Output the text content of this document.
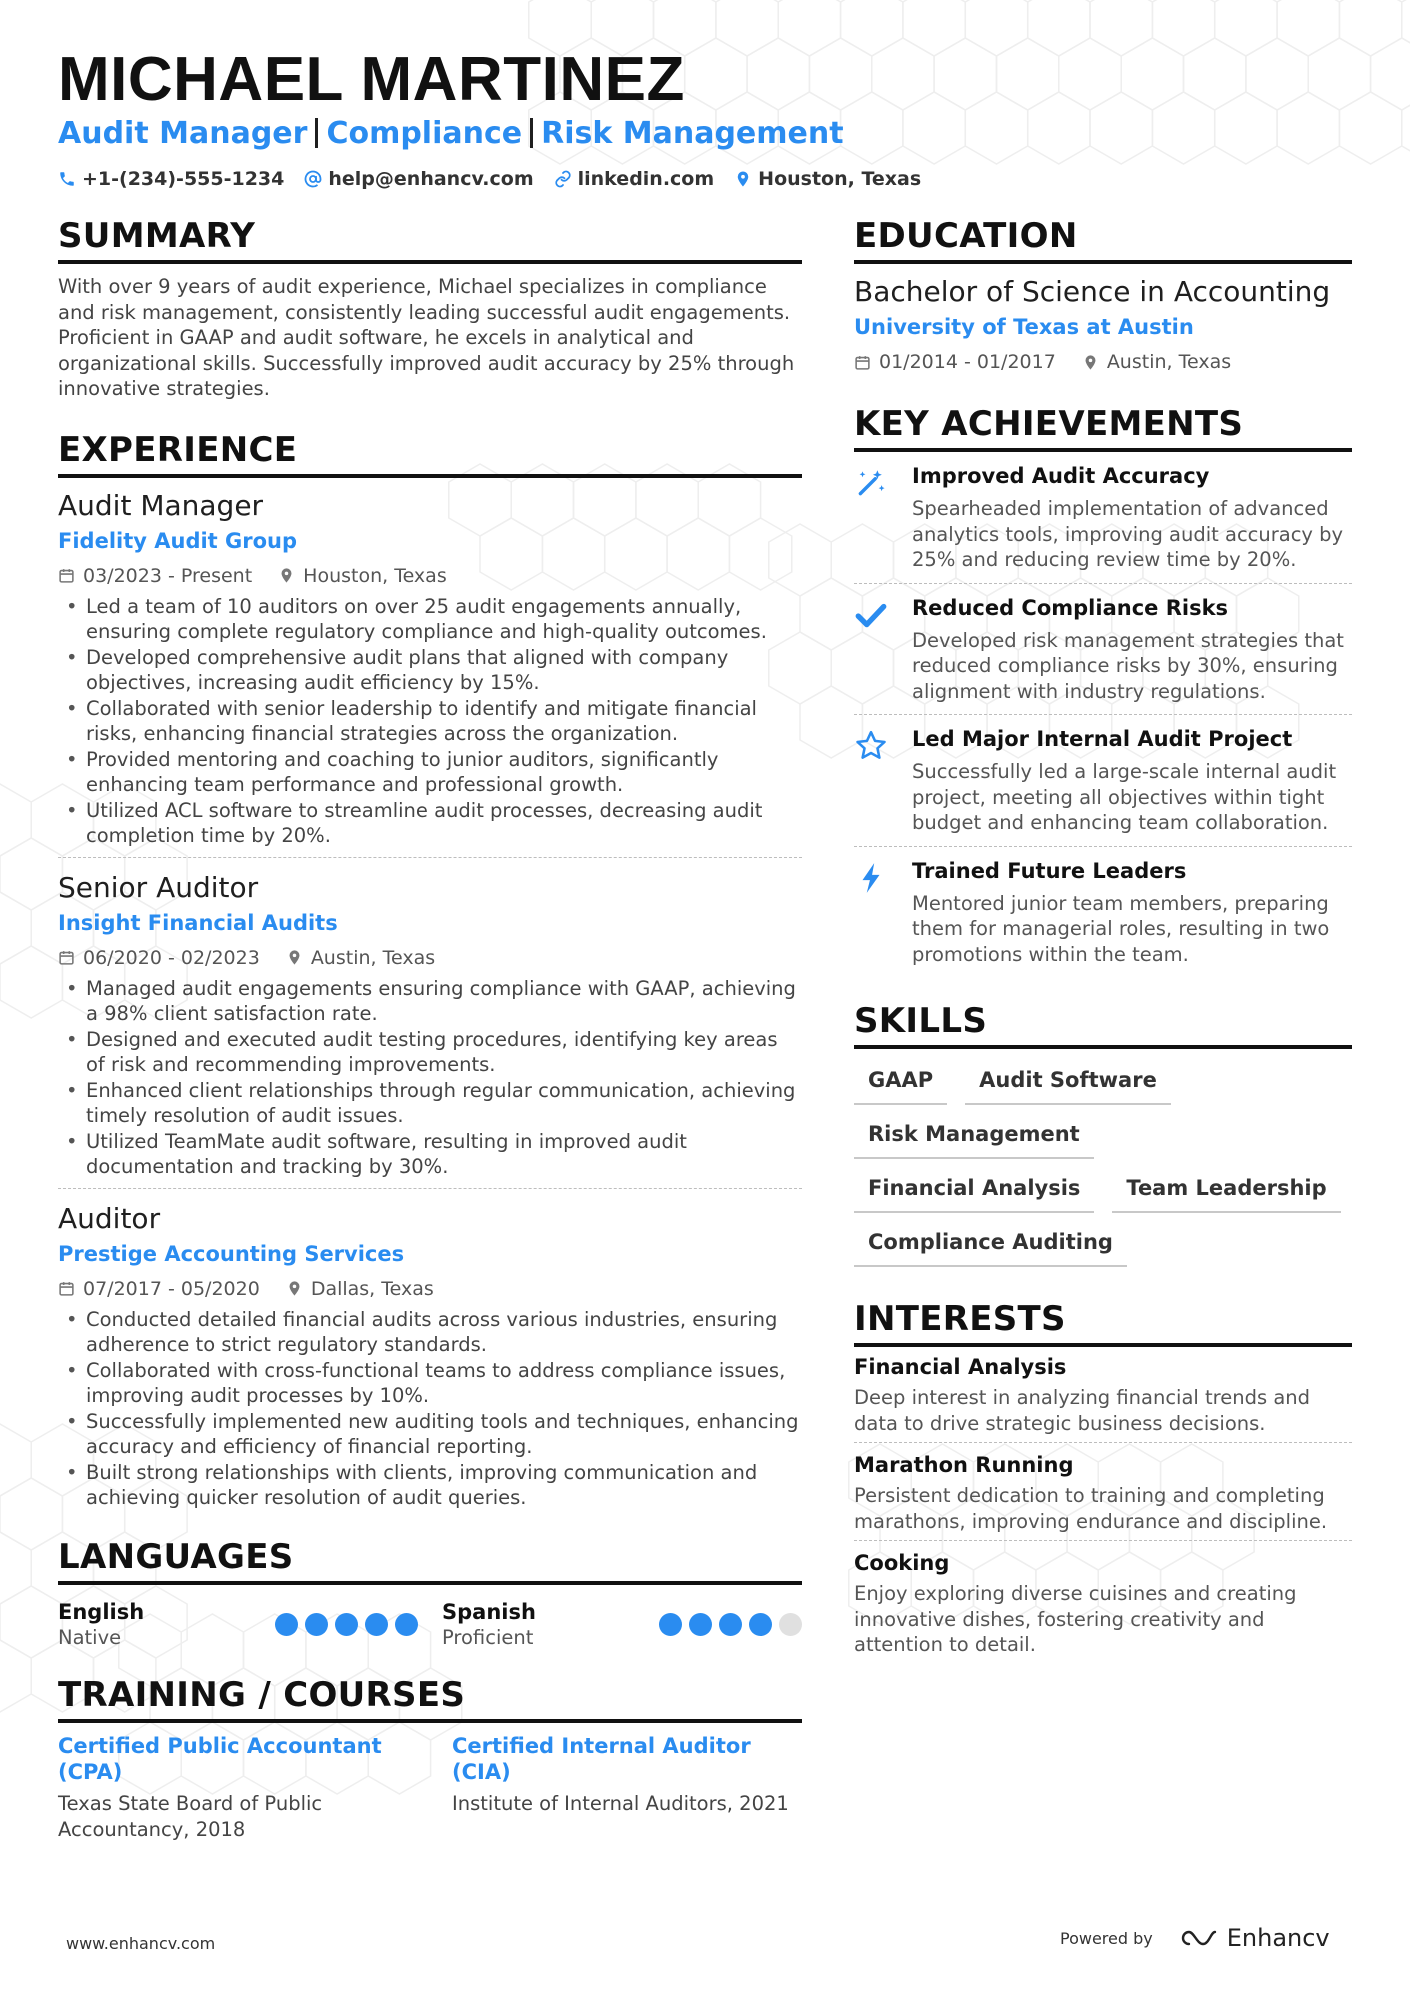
MICHAEL MARTINEZ
Audit Manager Compliance Risk Management
+1-(234)-555-1234 help@enhancv.com linkedin.com Houston, Texas
SUMMARY

With over 9 years of audit experience, Michael specializes in compliance and risk management, consistently leading successful audit engagements. Proficient in GAAP and audit software, he excels in analytical and organizational skills. Successfully improved audit accuracy by 25% through innovative strategies.

EXPERIENCE
Audit Manager
Fidelity Audit Group
03/2023 - Present	Houston, Texas
• Led a team of 10 auditors on over 25 audit engagements annually, ensuring complete regulatory compliance and high-quality outcomes.
• Developed comprehensive audit plans that aligned with company objectives, increasing audit efficiency by 15%.
• Collaborated with senior leadership to identify and mitigate financial risks, enhancing financial strategies across the organization.
• Provided mentoring and coaching to junior auditors, significantly enhancing team performance and professional growth.
• Utilized ACL software to streamline audit processes, decreasing audit completion time by 20%.
Senior Auditor
Insight Financial Audits
06/2020 - 02/2023	Austin, Texas
• Managed audit engagements ensuring compliance with GAAP, achieving a 98% client satisfaction rate.
• Designed and executed audit testing procedures, identifying key areas of risk and recommending improvements.
• Enhanced client relationships through regular communication, achieving timely resolution of audit issues.
• Utilized TeamMate audit software, resulting in improved audit documentation and tracking by 30%.
Auditor
Prestige Accounting Services
07/2017 - 05/2020	Dallas, Texas
• Conducted detailed financial audits across various industries, ensuring adherence to strict regulatory standards.
• Collaborated with cross-functional teams to address compliance issues, improving audit processes by 10%.
• Successfully implemented new auditing tools and techniques, enhancing accuracy and efficiency of financial reporting.
• Built strong relationships with clients, improving communication and achieving quicker resolution of audit queries.
LANGUAGES
English
Native
Spanish
Proficient
TRAINING / COURSES
Certified Public Accountant (CPA)
Texas State Board of Public Accountancy, 2018
Certified Internal Auditor (CIA)
Institute of Internal Auditors, 2021
EDUCATION
Bachelor of Science in Accounting
University of Texas at Austin
01/2014 - 01/2017	Austin, Texas
KEY ACHIEVEMENTS
Improved Audit Accuracy
Spearheaded implementation of advanced analytics tools, improving audit accuracy by 25% and reducing review time by 20%.
Reduced Compliance Risks
Developed risk management strategies that reduced compliance risks by 30%, ensuring alignment with industry regulations.
Led Major Internal Audit Project
Successfully led a large-scale internal audit project, meeting all objectives within tight budget and enhancing team collaboration.
Trained Future Leaders
Mentored junior team members, preparing them for managerial roles, resulting in two promotions within the team.
SKILLS
GAAP	Audit Software
Risk Management
Financial Analysis	Team Leadership
Compliance Auditing
INTERESTS
Financial Analysis
Deep interest in analyzing financial trends and data to drive strategic business decisions.
Marathon Running
Persistent dedication to training and completing marathons, improving endurance and discipline.
Cooking
Enjoy exploring diverse cuisines and creating innovative dishes, fostering creativity and attention to detail.
www.enhancv.com	Powered by	Enhancv
